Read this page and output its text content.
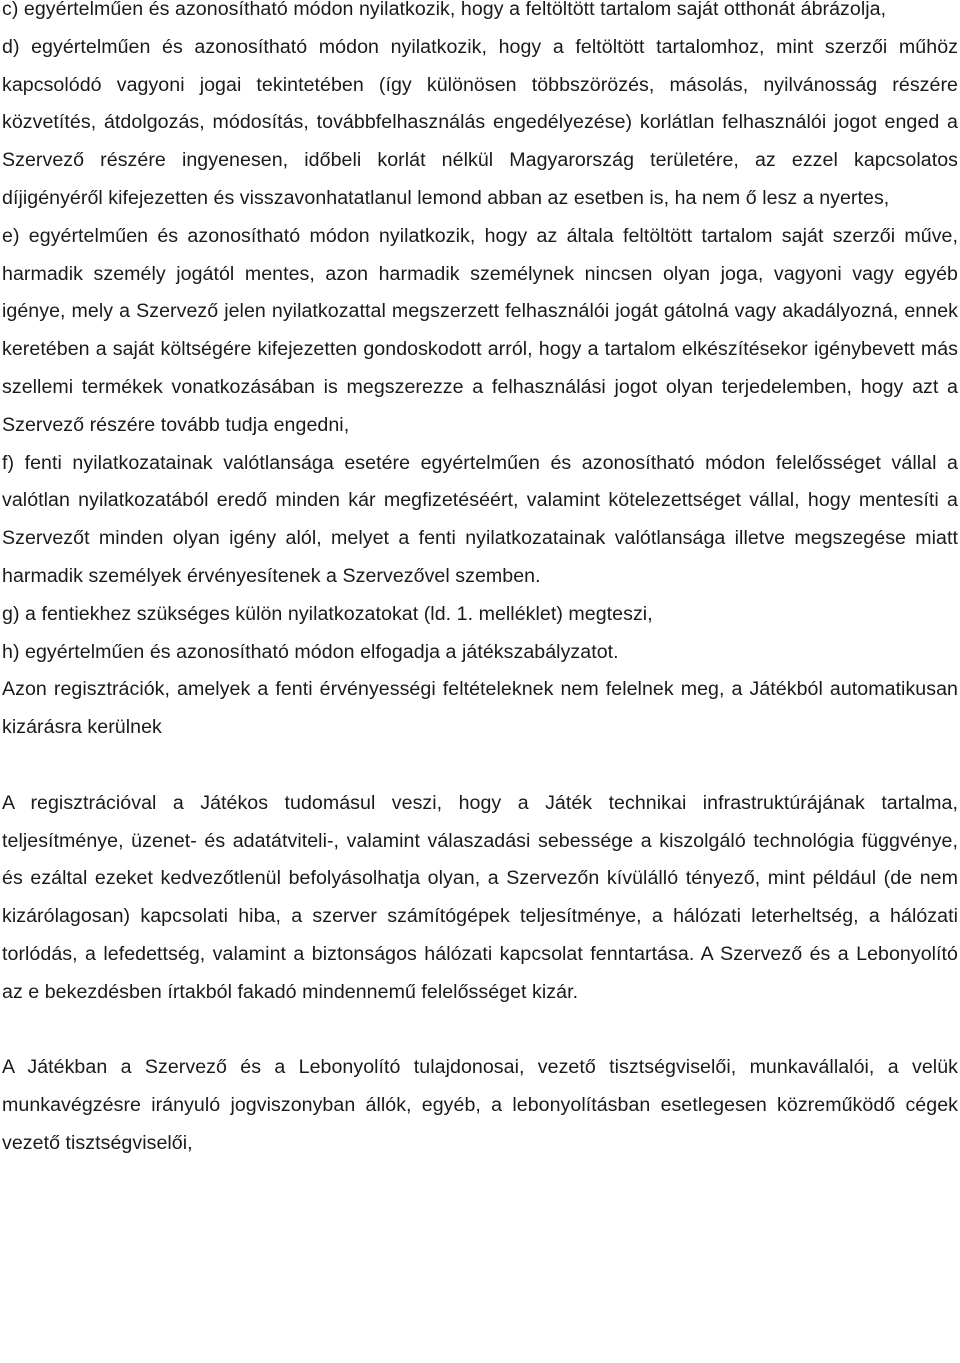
c) egyértelműen és azonosítható módon nyilatkozik, hogy a feltöltött tartalom saját otthonát ábrázolja,

d) egyértelműen és azonosítható módon nyilatkozik, hogy a feltöltött tartalomhoz, mint szerzői műhöz kapcsolódó vagyoni jogai tekintetében (így különösen többszörözés, másolás, nyilvánosság részére közvetítés, átdolgozás, módosítás, továbbfelhasználás engedélyezése) korlátlan felhasználói jogot enged a Szervező részére ingyenesen, időbeli korlát nélkül Magyarország területére, az ezzel kapcsolatos díjigényéről kifejezetten és visszavonhatatlanul lemond abban az esetben is, ha nem ő lesz a nyertes,

e) egyértelműen és azonosítható módon nyilatkozik, hogy az általa feltöltött tartalom saját szerzői műve, harmadik személy jogától mentes, azon harmadik személynek nincsen olyan joga, vagyoni vagy egyéb igénye, mely a Szervező jelen nyilatkozattal megszerzett felhasználói jogát gátolná vagy akadályozná, ennek keretében a saját költségére kifejezetten gondoskodott arról, hogy a tartalom elkészítésekor igénybevett más szellemi termékek vonatkozásában is megszerezze a felhasználási jogot olyan terjedelemben, hogy azt a Szervező részére tovább tudja engedni,

f) fenti nyilatkozatainak valótlansága esetére egyértelműen és azonosítható módon felelősséget vállal a valótlan nyilatkozatából eredő minden kár megfizetéséért, valamint kötelezettséget vállal, hogy mentesíti a Szervezőt minden olyan igény alól, melyet a fenti nyilatkozatainak valótlansága illetve megszegése miatt harmadik személyek érvényesítenek a Szervezővel szemben.

g) a fentiekhez szükséges külön nyilatkozatokat (ld. 1. melléklet) megteszi,

h) egyértelműen és azonosítható módon elfogadja a játékszabályzatot.

Azon regisztrációk, amelyek a fenti érvényességi feltételeknek nem felelnek meg, a Játékból automatikusan kizárásra kerülnek

A regisztrációval a Játékos tudomásul veszi, hogy a Játék technikai infrastruktúrájának tartalma, teljesítménye, üzenet- és adatátviteli-, valamint válaszadási sebessége a kiszolgáló technológia függvénye, és ezáltal ezeket kedvezőtlenül befolyásolhatja olyan, a Szervezőn kívülálló tényező, mint például (de nem kizárólagosan) kapcsolati hiba, a szerver számítógépek teljesítménye, a hálózati leterheltség, a hálózati torlódás, a lefedettség, valamint a biztonságos hálózati kapcsolat fenntartása. A Szervező és a Lebonyolító az e bekezdésben írtakból fakadó mindennemű felelősséget kizár.

A Játékban a Szervező és a Lebonyolító tulajdonosai, vezető tisztségviselői, munkavállalói, a velük munkavégzésre irányuló jogviszonyban állók, egyéb, a lebonyolításban esetlegesen közreműködő cégek vezető tisztségviselői,
